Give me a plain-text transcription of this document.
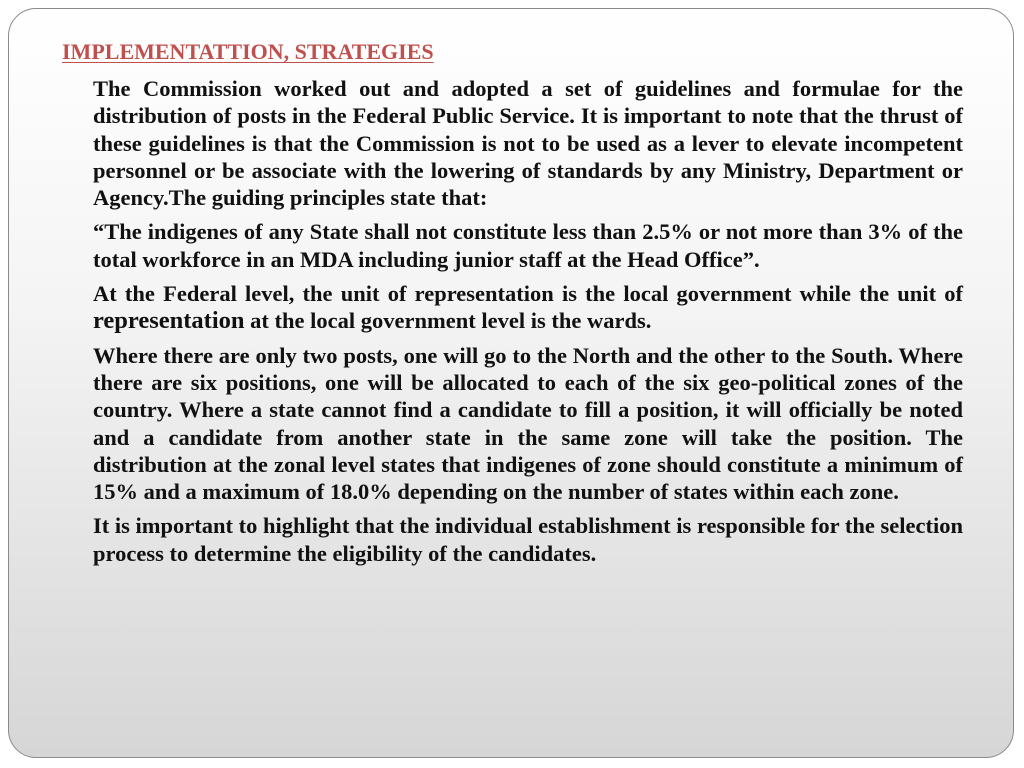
IMPLEMENTATTION, STRATEGIES

The Commission worked out and adopted a set of guidelines and formulae for the distribution of posts in the Federal Public Service. It is important to note that the thrust of these guidelines is that the Commission is not to be used as a lever to elevate incompetent personnel or be associate with the lowering of standards by any Ministry, Department or Agency.The guiding principles state that:

“The indigenes of any State shall not constitute less than 2.5% or not more than 3% of the total workforce in an MDA including junior staff at the Head Office”.

At the Federal level, the unit of representation is the local government while the unit of representation at the local government level is the wards.

Where there are only two posts, one will go to the North and the other to the South. Where there are six positions, one will be allocated to each of the six geo-political zones of the country. Where a state cannot find a candidate to fill a position, it will officially be noted and a candidate from another state in the same zone will take the position. The distribution at the zonal level states that indigenes of zone should constitute a minimum of 15% and a maximum of 18.0% depending on the number of states within each zone.

It is important to highlight that the individual establishment is responsible for the selection process to determine the eligibility of the candidates.
